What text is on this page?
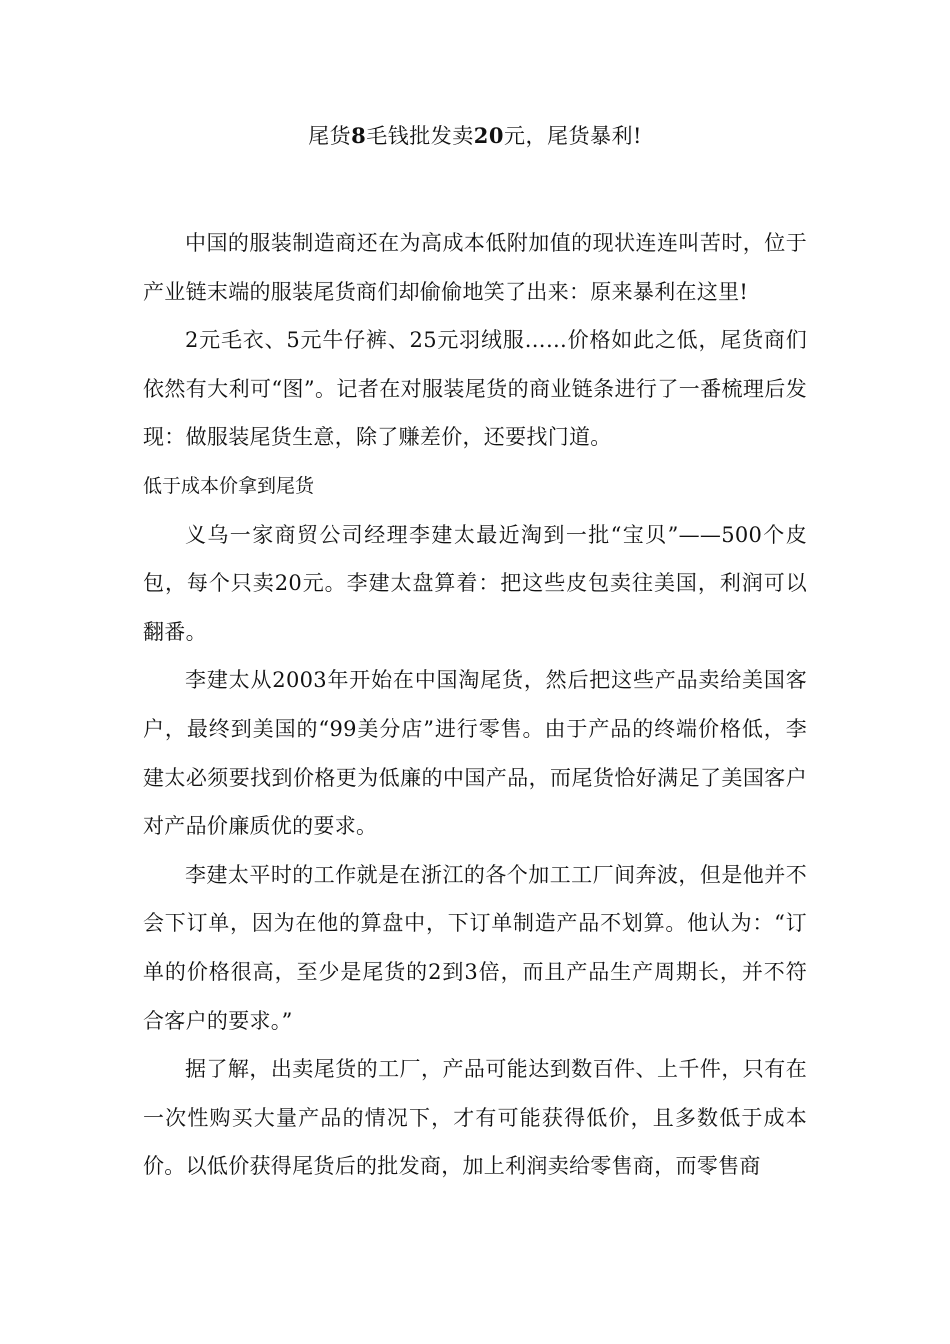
尾货8毛钱批发卖20元，尾货暴利!

中国的服装制造商还在为高成本低附加值的现状连连叫苦时，位于产业链末端的服装尾货商们却偷偷地笑了出来：原来暴利在这里!

2元毛衣、5元牛仔裤、25元羽绒服……价格如此之低，尾货商们依然有大利可“图”。记者在对服装尾货的商业链条进行了一番梳理后发现：做服装尾货生意，除了赚差价，还要找门道。

低于成本价拿到尾货

义乌一家商贸公司经理李建太最近淘到一批“宝贝”——500个皮包，每个只卖20元。李建太盘算着：把这些皮包卖往美国，利润可以翻番。

李建太从2003年开始在中国淘尾货，然后把这些产品卖给美国客户，最终到美国的“99美分店”进行零售。由于产品的终端价格低，李建太必须要找到价格更为低廉的中国产品，而尾货恰好满足了美国客户对产品价廉质优的要求。

李建太平时的工作就是在浙江的各个加工工厂间奔波，但是他并不会下订单，因为在他的算盘中，下订单制造产品不划算。他认为：“订单的价格很高，至少是尾货的2到3倍，而且产品生产周期长，并不符合客户的要求。”

据了解，出卖尾货的工厂，产品可能达到数百件、上千件，只有在一次性购买大量产品的情况下，才有可能获得低价，且多数低于成本价。以低价获得尾货后的批发商，加上利润卖给零售商，而零售商
